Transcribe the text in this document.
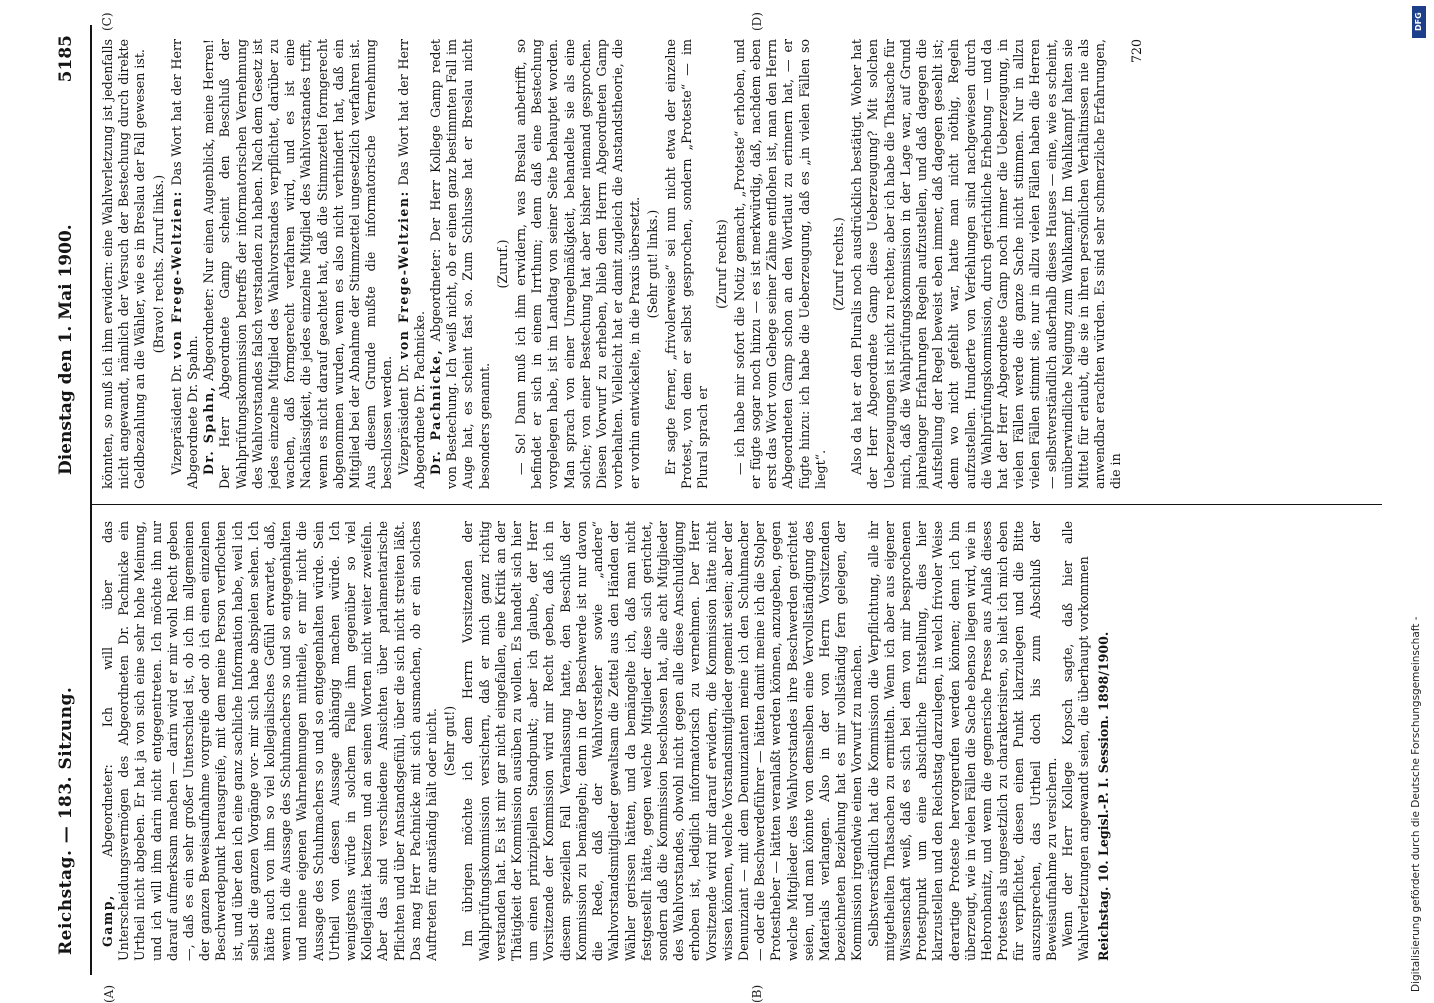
Reichstag. — 183. Sitzung.
Dienstag den 1. Mai 1900.
5185
(A)	(B)
(C)	(D)

Gamp, Abgeordneter: Ich will über das Unterscheidungsvermögen des Abgeordneten Dr. Pachnicke ein Urtheil nicht abgeben. Er hat ja von sich eine sehr hohe Meinung, und ich will ihm darin nicht entgegentreten. Ich möchte ihn nur darauf aufmerksam machen — darin wird er mir wohl Recht geben —, daß es ein sehr großer Unterschied ist, ob ich im allgemeinen der ganzen Beweisaufnahme vorgreife oder ob ich einen einzelnen Beschwerdepunkt herausgreife, mit dem meine Person verflochten ist, und über den ich eine ganz sachliche Information habe, weil ich selbst die ganzen Vorgänge vor- mir sich habe abspielen sehen. Ich hätte auch von ihm so viel kollegialisches Gefühl erwartet, daß, wenn ich die Aussage des Schuhmachers so und so entgegenhalten und meine eigenen Wahrnehmungen mittheile, er mir nicht die Aussage des Schuhmachers so und so entgegenhalten würde. Sein Urtheil von dessen Aussage abhängig machen würde. Ich wenigstens würde in solchem Falle ihm gegenüber so viel Kollegialität besitzen und an seinen Worten nicht weiter zweifeln. Aber das sind verschiedene Ansichten über parlamentarische Pflichten und über Anstandsgefühl, über die sich nicht streiten läßt. Das mag Herr Pachnicke mit sich ausmachen, ob er ein solches Auftreten für anständig hält oder nicht. (Sehr gut!) Im übrigen möchte ich dem Herrn Vorsitzenden der Wahlprüfungskommission versichern, daß er mich ganz richtig verstanden hat. Es ist mir gar nicht eingefallen, eine Kritik an der Thätigkeit der Kommission ausüben zu wollen. Es handelt sich hier um einen prinzipiellen Standpunkt; aber ich glaube, der Herr Vorsitzende der Kommission wird mir Recht geben, daß ich in diesem speziellen Fall Veranlassung hatte, den Beschluß der Kommission zu bemängeln; denn in der Beschwerde ist nur davon die Rede, daß der Wahlvorsteher sowie „andere“ Wahlvorstandsmitglieder gewaltsam die Zettel aus den Händen der Wähler gerissen hätten, und da bemängelte ich, daß man nicht festgestellt hätte, gegen welche Mitglieder diese sich gerichtet, sondern daß die Kommission beschlossen hat, alle acht Mitglieder des Wahlvorstandes, obwohl nicht gegen alle diese Anschuldigung erhoben ist, lediglich informatorisch zu vernehmen. Der Herr Vorsitzende wird mir darauf erwidern, die Kommission hätte nicht wissen können, welche Vorstandsmitglieder gemeint seien; aber der Denunziant — mit dem Denunzianten meine ich den Schuhmacher — oder die Beschwerdeführer — hätten damit meine ich die Stolper Protestheber — hätten veranlaßt werden können, anzugeben, gegen welche Mitglieder des Wahlvorstandes ihre Beschwerden gerichtet seien, und man könnte von demselben eine Vervollständigung des Materials verlangen. Also in der von Herrn Vorsitzenden bezeichneten Beziehung hat es mir vollständig fern gelegen, der Kommission irgendwie einen Vorwurf zu machen. Selbstverständlich hat die Kommission die Verpflichtung, alle ihr mitgetheilten Thatsachen zu ermitteln. Wenn ich aber aus eigener Wissenschaft weiß, daß es sich bei dem von mir besprochenen Protestpunkt um eine absichtliche Entstellung, dies hier klarzustellen und den Reichstag darzulegen, in welch frivoler Weise derartige Proteste hervorgerufen werden können; denn ich bin überzeugt, wie in vielen Fällen die Sache ebenso liegen wird, wie in Hebronbanitz, und wenn die gegnerische Presse aus Anlaß dieses Protestes als ungesetzlich zu charakterisiren, so hielt ich mich eben für verpflichtet, diesen einen Punkt klarzulegen und die Bitte auszusprechen, das Urtheil doch bis zum Abschluß der Beweisaufnahme zu versichern. Wenn der Herr Kollege Kopsch sagte, daß hier alle Wahlverletzungen angewandt seien, die überhaupt vorkommen Reichstag. 10. Legisl.-P. I. Session. 1898/1900.

könnten, so muß ich ihm erwidern: eine Wahlverletzung ist jedenfalls nicht angewandt, nämlich der Versuch der Bestechung durch direkte Geldbezahlung an die Wähler, wie es in Breslau der Fall gewesen ist. (Bravo! rechts. Zuruf links.)

Vizepräsident Dr. von Frege-Weltzien: Das Wort hat der Herr Abgeordnete Dr. Spahn. Dr. Spahn, Abgeordneter: Nur einen Augenblick, meine Herren! Der Herr Abgeordnete Gamp scheint den Beschluß der Wahlprüfungskommission betreffs der informatorischen Vernehmung des Wahlvorstandes falsch verstanden zu haben. Nach dem Gesetz ist jedes einzelne Mitglied des Wahlvorstandes verpflichtet, darüber zu wachen, daß formgerecht verfahren wird, und es ist eine Nachlässigkeit, die jedes einzelne Mitglied des Wahlvorstandes trifft, wenn es nicht darauf geachtet hat, daß die Stimmzettel formgerecht abgenommen wurden, wenn es also nicht verhindert hat, daß ein Mitglied bei der Abnahme der Stimmzettel ungesetzlich verfahren ist. Aus diesem Grunde mußte die informatorische Vernehmung beschlossen werden. Vizepräsident Dr. von Frege-Weltzien: Das Wort hat der Herr Abgeordnete Dr. Pachnicke. Dr. Pachnicke, Abgeordneter: Der Herr Kollege Gamp redet von Bestechung. Ich weiß nicht, ob er einen ganz bestimmten Fall im Auge hat, es scheint fast so. Zum Schlusse hat er Breslau nicht besonders genannt.

(Zuruf.) — So! Dann muß ich ihm erwidern, was Breslau anbetrifft, so befindet er sich in einem Irrthum; denn daß eine Bestechung vorgelegen habe, ist im Landtag von seiner Seite behauptet worden. Man sprach von einer Unregelmäßigkeit, behandelte sie als eine solche; von einer Bestechung hat aber bisher niemand gesprochen. Diesen Vorwurf zu erheben, blieb dem Herrn Abgeordneten Gamp vorbehalten. Vielleicht hat er damit zugleich die Anstandstheorie, die er vorhin entwickelte, in die Praxis übersetzt. (Sehr gut! links.) Er sagte ferner, „frivolerweise“ sei nun nicht etwa der einzelne Protest, von dem er selbst gesprochen, sondern „Proteste“ — im Plural sprach er

(Zuruf rechts) — ich habe mir sofort die Notiz gemacht, „Proteste“ erhoben, und er fügte sogar noch hinzu — es ist merkwürdig, daß, nachdem eben erst das Wort vom Gehege seiner Zähne entflohen ist, man den Herrn Abgeordneten Gamp schon an den Wortlaut zu erinnern hat, — er fügte hinzu: ich habe die Ueberzeugung, daß es „in vielen Fällen so liegt“.

(Zuruf rechts.) Also da hat er den Pluralis noch ausdrücklich bestätigt. Woher hat der Herr Abgeordnete Gamp diese Ueberzeugung? Mit solchen Ueberzeugungen ist nicht zu rechten; aber ich habe die Thatsache für mich, daß die Wahlprüfungskommission in der Lage war, auf Grund jahrelanger Erfahrungen Regeln aufzustellen, und daß dagegen die Aufstellung der Regel beweist eben immer, daß dagegen gesehlt ist; denn wo nicht gefehlt war, hatte man nicht nöthig, Regeln aufzustellen. Hunderte von Verfehlungen sind nachgewiesen durch die Wahlprüfungskommission, durch gerichtliche Erhebung — und da hat der Herr Abgeordnete Gamp noch immer die Ueberzeugung, in vielen Fällen werde die ganze Sache nicht stimmen. Nur in allzu vielen Fällen stimmt sie, nur in allzu vielen Fällen haben die Herren — selbstverständlich außerhalb dieses Hauses — eine, wie es scheint, unüberwindliche Neigung zum Wahlkampf. Im Wahlkampf halten sie Mittel für erlaubt, die sie in ihren persönlichen Verhältnissen nie als anwendbar erachten würden. Es sind sehr schmerzliche Erfahrungen, die in

720
DFG
Digitalisierung gefördert durch die Deutsche Forschungsgemeinschaft -
